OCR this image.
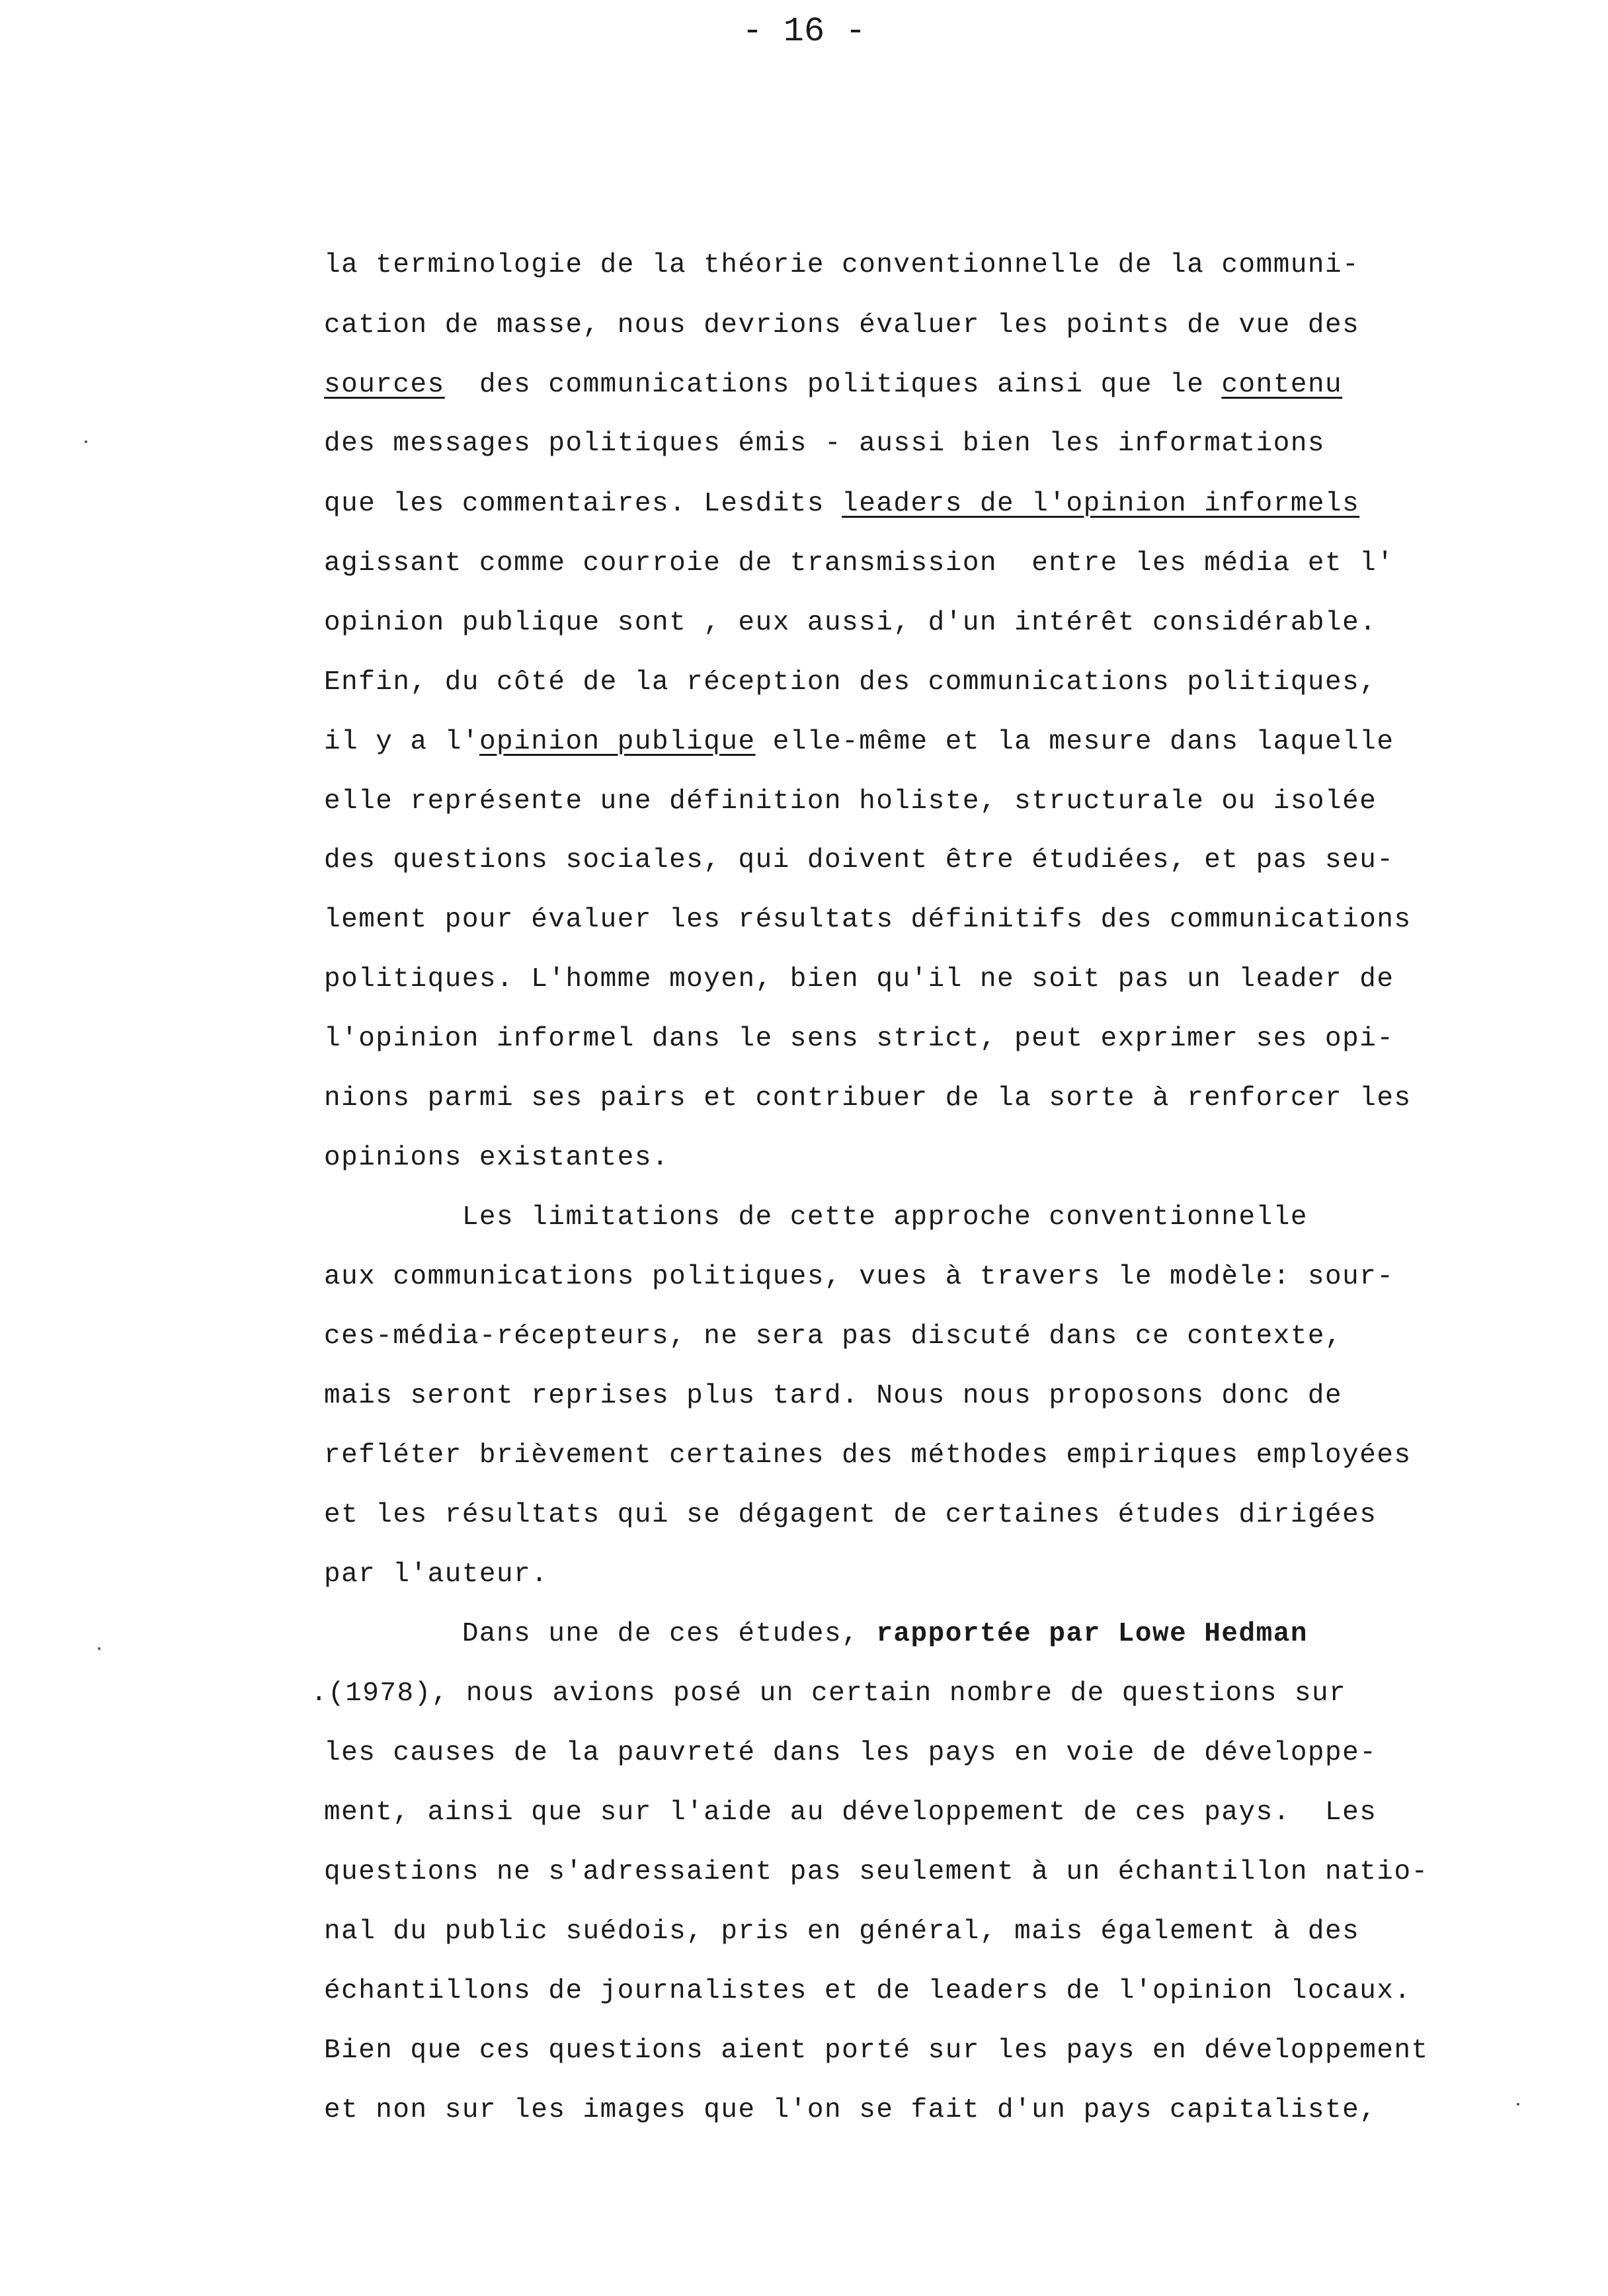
- 16 -
la terminologie de la théorie conventionnelle de la communi-
cation de masse, nous devrions évaluer les points de vue des
sources  des communications politiques ainsi que le contenu
des messages politiques émis - aussi bien les informations
que les commentaires. Lesdits leaders de l'opinion informels
agissant comme courroie de transmission  entre les média et l'
opinion publique sont , eux aussi, d'un intérêt considérable.
Enfin, du côté de la réception des communications politiques,
il y a l'opinion publique elle-même et la mesure dans laquelle
elle représente une définition holiste, structurale ou isolée
des questions sociales, qui doivent être étudiées, et pas seu-
lement pour évaluer les résultats définitifs des communications
politiques. L'homme moyen, bien qu'il ne soit pas un leader de
l'opinion informel dans le sens strict, peut exprimer ses opi-
nions parmi ses pairs et contribuer de la sorte à renforcer les
opinions existantes.
Les limitations de cette approche conventionnelle
aux communications politiques, vues à travers le modèle: sour-
ces-média-récepteurs, ne sera pas discuté dans ce contexte,
mais seront reprises plus tard. Nous nous proposons donc de
refléter brièvement certaines des méthodes empiriques employées
et les résultats qui se dégagent de certaines études dirigées
par l'auteur.
Dans une de ces études, rapportée par Lowe Hedman
.(1978), nous avions posé un certain nombre de questions sur
les causes de la pauvreté dans les pays en voie de développe-
ment, ainsi que sur l'aide au développement de ces pays.  Les
questions ne s'adressaient pas seulement à un échantillon natio-
nal du public suédois, pris en général, mais également à des
échantillons de journalistes et de leaders de l'opinion locaux.
Bien que ces questions aient porté sur les pays en développement
et non sur les images que l'on se fait d'un pays capitaliste,
